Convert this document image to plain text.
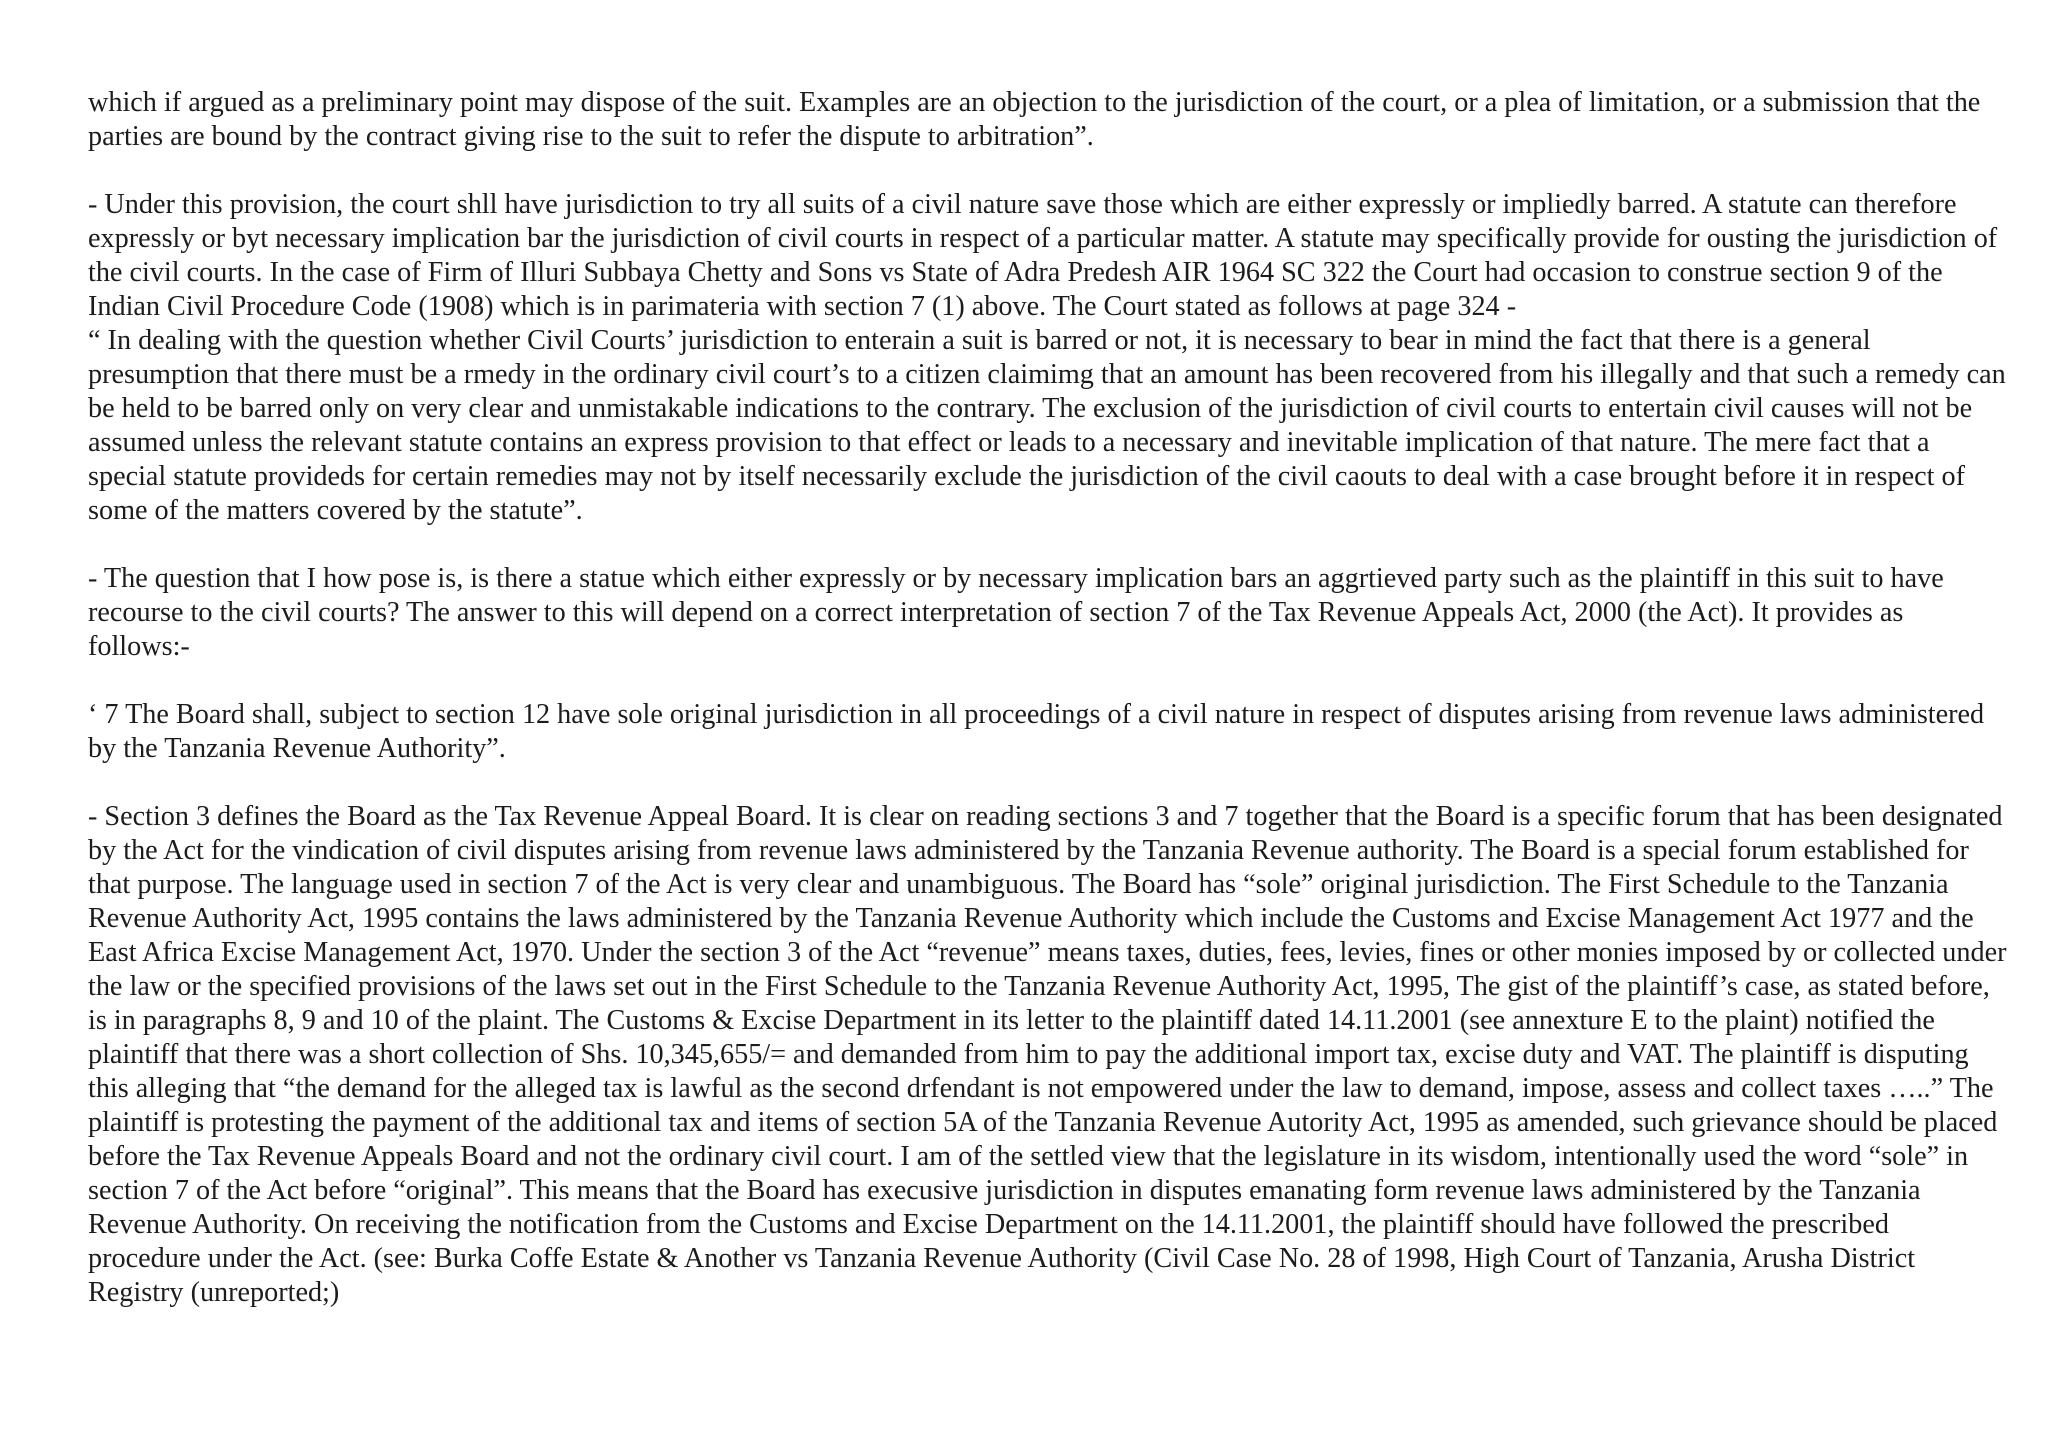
which if argued as a preliminary point may dispose of the suit. Examples are an objection to the jurisdiction of the court, or a plea of limitation, or a submission that the parties are bound by the contract giving rise to the suit to refer the dispute to arbitration”.

- Under this provision, the court shll have jurisdiction to try all suits of a civil nature save those which are either expressly or impliedly barred. A statute can therefore expressly or byt necessary implication bar the jurisdiction of civil courts in respect of a particular matter. A statute may specifically provide for ousting the jurisdiction of the civil courts. In the case of Firm of Illuri Subbaya Chetty and Sons vs State of Adra Predesh AIR 1964 SC 322 the Court had occasion to construe section 9 of the Indian Civil Procedure Code (1908) which is in parimateria with section 7 (1) above. The Court stated as follows at page 324 -

“ In dealing with the question whether Civil Courts’ jurisdiction to enterain a suit is barred or not, it is necessary to bear in mind the fact that there is a general presumption that there must be a rmedy in the ordinary civil court’s to a citizen claimimg that an amount has been recovered from his illegally and that such a remedy can be held to be barred only on very clear and unmistakable indications to the contrary. The exclusion of the jurisdiction of civil courts to entertain civil causes will not be assumed unless the relevant statute contains an express provision to that effect or leads to a necessary and inevitable implication of that nature. The mere fact that a special statute provideds for certain remedies may not by itself necessarily exclude the jurisdiction of the civil caouts to deal with a case brought before it in respect of some of the matters covered by the statute”.

- The question that I how pose is, is there a statue which either expressly or by necessary implication bars an aggrtieved party such as the plaintiff in this suit to have recourse to the civil courts? The answer to this will depend on a correct interpretation of section 7 of the Tax Revenue Appeals Act, 2000 (the Act). It provides as follows:-

‘ 7 The Board shall, subject to section 12 have sole original jurisdiction in all proceedings of a civil nature in respect of disputes arising from revenue laws administered by the Tanzania Revenue Authority”.

- Section 3 defines the Board as the Tax Revenue Appeal Board. It is clear on reading sections 3 and 7 together that the Board is a specific forum that has been designated by the Act for the vindication of civil disputes arising from revenue laws administered by the Tanzania Revenue authority. The Board is a special forum established for that purpose. The language used in section 7 of the Act is very clear and unambiguous. The Board has “sole” original jurisdiction. The First Schedule to the Tanzania Revenue Authority Act, 1995 contains the laws administered by the Tanzania Revenue Authority which include the Customs and Excise Management Act 1977 and the East Africa Excise Management Act, 1970. Under the section 3 of the Act “revenue” means taxes, duties, fees, levies, fines or other monies imposed by or collected under the law or the specified provisions of the laws set out in the First Schedule to the Tanzania Revenue Authority Act, 1995, The gist of the plaintiff’s case, as stated before, is in paragraphs 8, 9 and 10 of the plaint. The Customs & Excise Department in its letter to the plaintiff dated 14.11.2001 (see annexture E to the plaint) notified the plaintiff that there was a short collection of Shs. 10,345,655/= and demanded from him to pay the additional import tax, excise duty and VAT. The plaintiff is disputing this alleging that “the demand for the alleged tax is lawful as the second drfendant is not empowered under the law to demand, impose, assess and collect taxes …..” The plaintiff is protesting the payment of the additional tax and items of section 5A of the Tanzania Revenue Autority Act, 1995 as amended, such grievance should be placed before the Tax Revenue Appeals Board and not the ordinary civil court. I am of the settled view that the legislature in its wisdom, intentionally used the word “sole” in section 7 of the Act before “original”. This means that the Board has execusive jurisdiction in disputes emanating form revenue laws administered by the Tanzania Revenue Authority. On receiving the notification from the Customs and Excise Department on the 14.11.2001, the plaintiff should have followed the prescribed procedure under the Act. (see: Burka Coffe Estate & Another vs Tanzania Revenue Authority (Civil Case No. 28 of 1998, High Court of Tanzania, Arusha District Registry (unreported;)
